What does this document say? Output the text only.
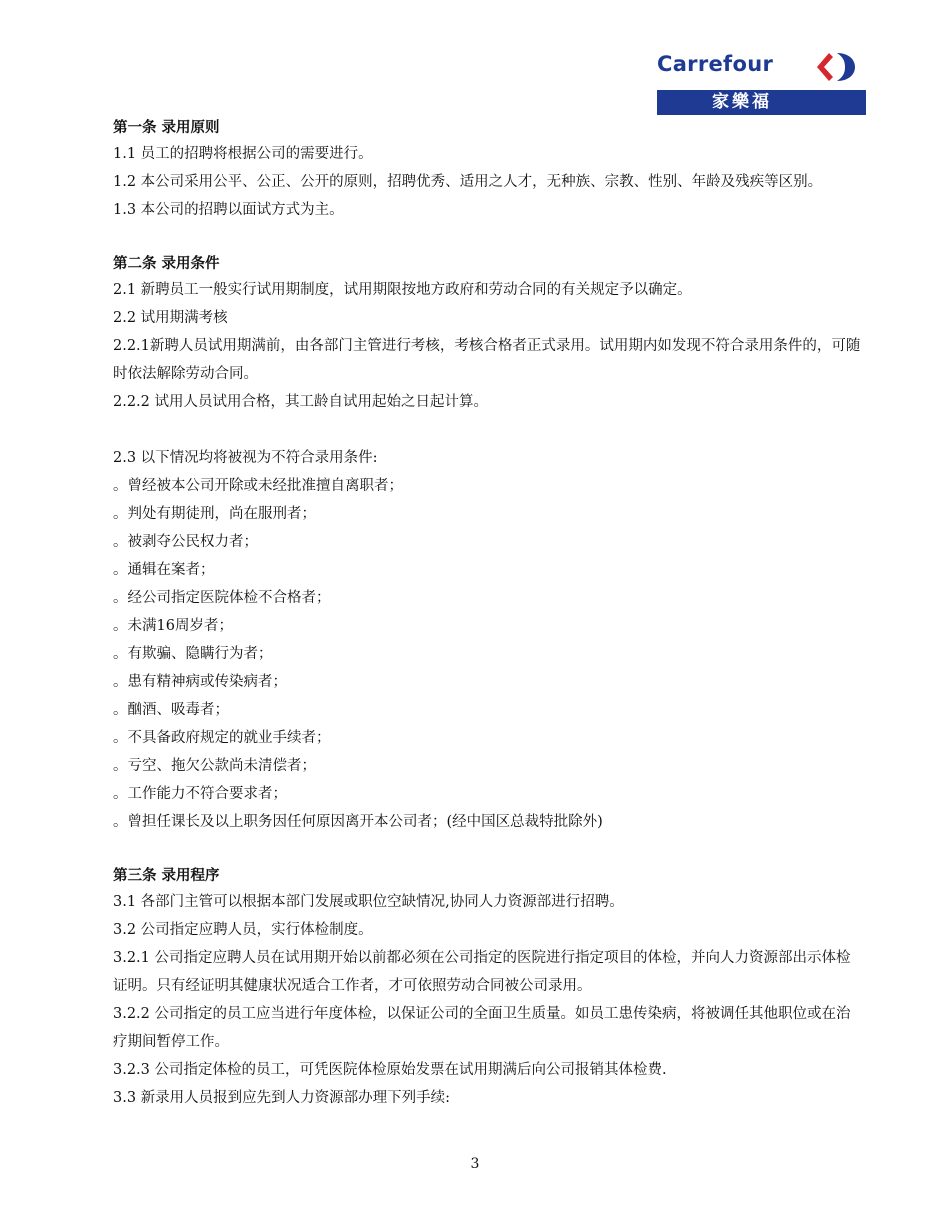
Carrefour
家樂福

第一条 录用原则

1.1 员工的招聘将根据公司的需要进行。

1.2 本公司采用公平、公正、公开的原则，招聘优秀、适用之人才，无种族、宗教、性别、年龄及残疾等区别。

1.3 本公司的招聘以面试方式为主。

第二条 录用条件

2.1 新聘员工一般实行试用期制度，试用期限按地方政府和劳动合同的有关规定予以确定。

2.2 试用期满考核

2.2.1新聘人员试用期满前，由各部门主管进行考核，考核合格者正式录用。试用期内如发现不符合录用条件的，可随时依法解除劳动合同。

2.2.2 试用人员试用合格，其工龄自试用起始之日起计算。

2.3 以下情况均将被视为不符合录用条件:

。曾经被本公司开除或未经批准擅自离职者；

。判处有期徒刑，尚在服刑者；

。被剥夺公民权力者；

。通辑在案者；

。经公司指定医院体检不合格者；

。未满16周岁者；

。有欺骗、隐瞒行为者；

。患有精神病或传染病者；

。酗酒、吸毒者；

。不具备政府规定的就业手续者；

。亏空、拖欠公款尚未清偿者；

。工作能力不符合要求者；

。曾担任课长及以上职务因任何原因离开本公司者；(经中国区总裁特批除外)

第三条 录用程序

3.1 各部门主管可以根据本部门发展或职位空缺情况,协同人力资源部进行招聘。

3.2 公司指定应聘人员，实行体检制度。

3.2.1 公司指定应聘人员在试用期开始以前都必须在公司指定的医院进行指定项目的体检，并向人力资源部出示体检证明。只有经证明其健康状况适合工作者，才可依照劳动合同被公司录用。

3.2.2 公司指定的员工应当进行年度体检，以保证公司的全面卫生质量。如员工患传染病，将被调任其他职位或在治疗期间暂停工作。

3.2.3 公司指定体检的员工，可凭医院体检原始发票在试用期满后向公司报销其体检费.

3.3 新录用人员报到应先到人力资源部办理下列手续:

3
